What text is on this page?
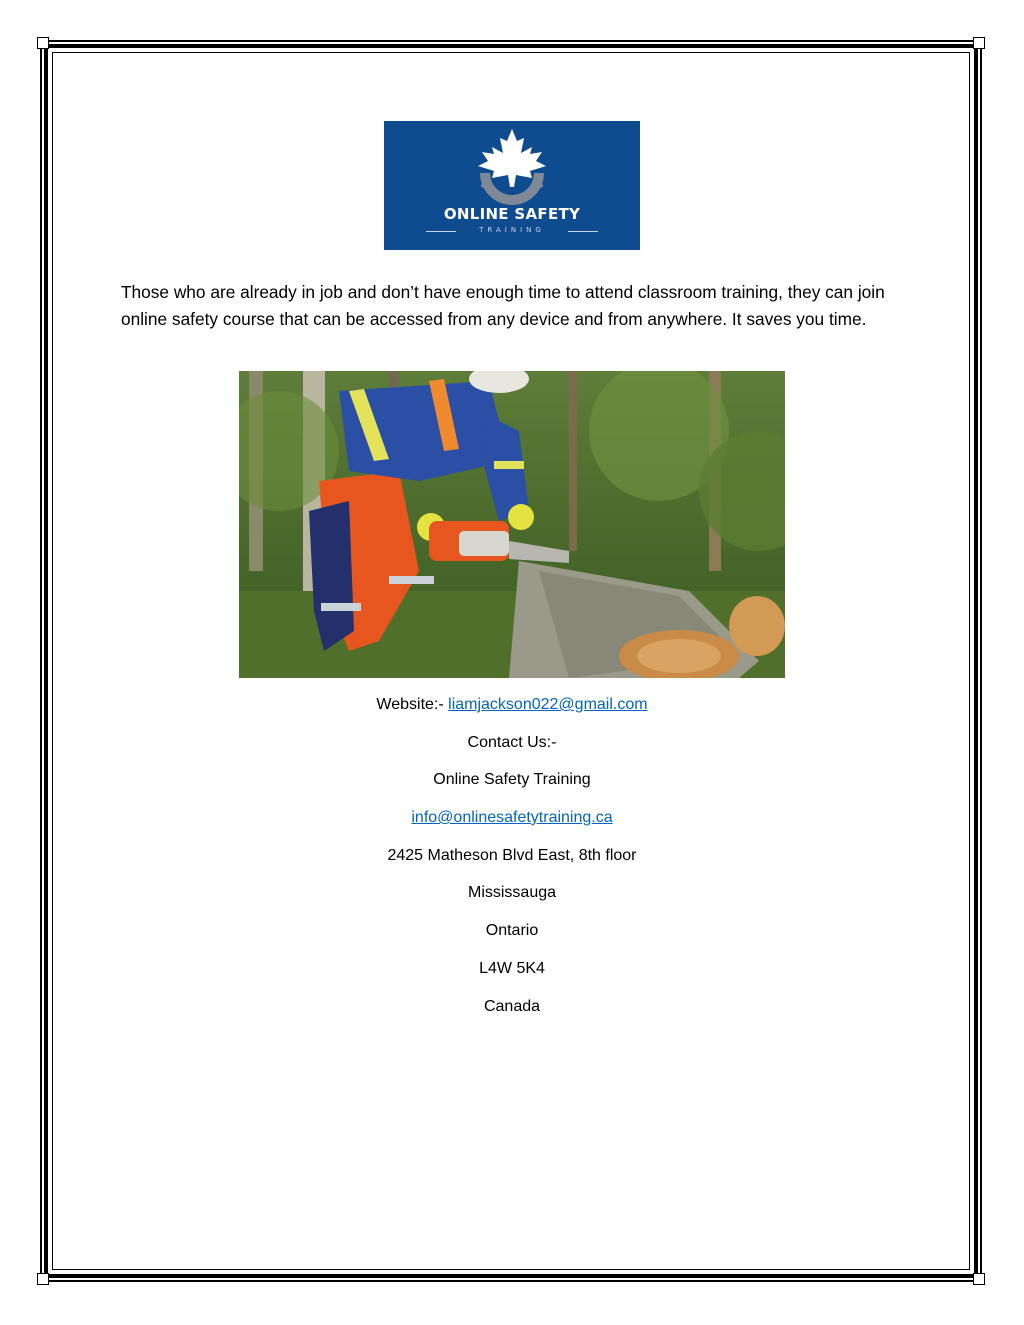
ONLINE SAFETY
TRAINING
Those who are already in job and don’t have enough time to attend classroom training, they can join online safety course that can be accessed from any device and from anywhere. It saves you time.
Website:- liamjackson022@gmail.com
Contact Us:-
Online Safety Training
info@onlinesafetytraining.ca
2425 Matheson Blvd East, 8th floor
Mississauga
Ontario
L4W 5K4
Canada
